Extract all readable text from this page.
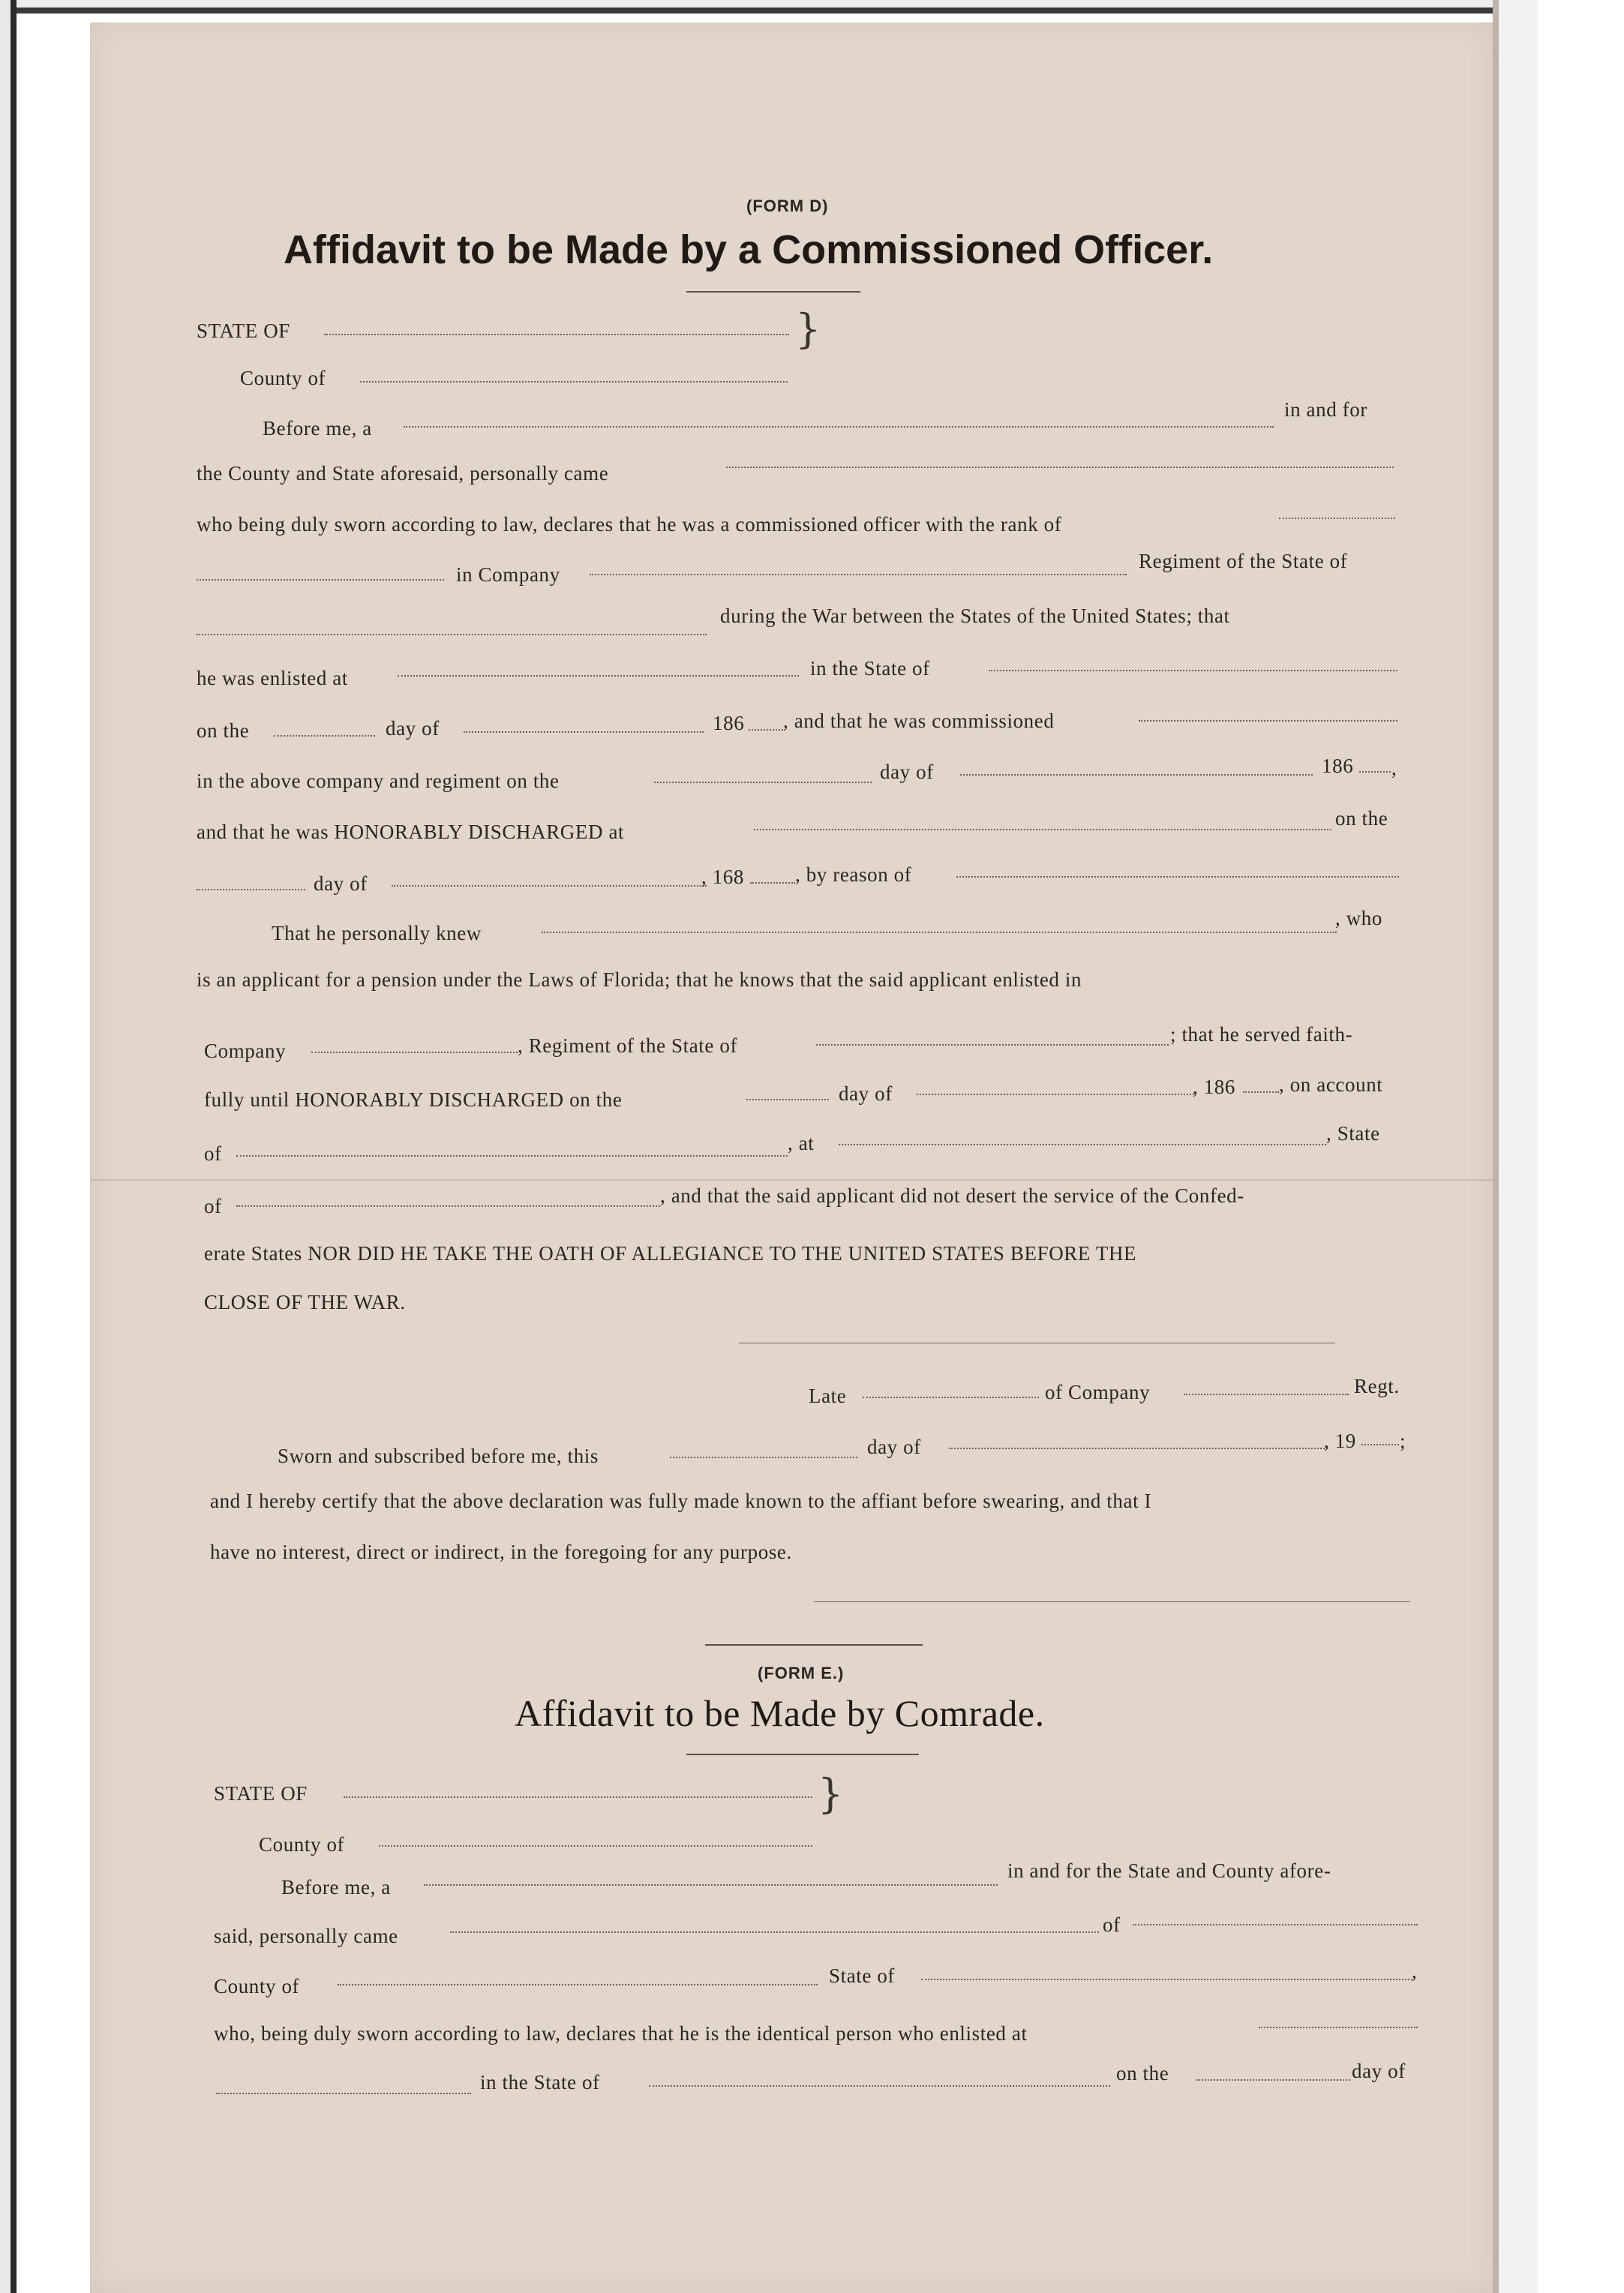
(FORM D)
Affidavit to be Made by a Commissioned Officer.
STATE OF
County of
}
Before me, a
in and for
the County and State aforesaid, personally came
who being duly sworn according to law, declares that he was a commissioned officer with the rank of
in Company
Regiment of the State of
during the War between the States of the United States; that
he was enlisted at	in the State of
on the	day of	186 , and that he was commissioned
in the above company and regiment on the	day of	186 ,
and that he was HONORABLY DISCHARGED at
on the
day of	, 168	, by reason of
That he personally knew
, who
is an applicant for a pension under the Laws of Florida; that he knows that the said applicant enlisted in
Company	, Regiment of the State of	; that he served faith-
fully until HONORABLY DISCHARGED on the	day of	, 186 , on account
of	, at	, State
of	, and that the said applicant did not desert the service of the Confed-
erate States NOR DID HE TAKE THE OATH OF ALLEGIANCE TO THE UNITED STATES BEFORE THE
CLOSE OF THE WAR.
Late	of Company	Regt.
Sworn and subscribed before me, this	day of	, 19 ;
and I hereby certify that the above declaration was fully made known to the affiant before swearing, and that I
have no interest, direct or indirect, in the foregoing for any purpose.
(FORM E.)
Affidavit to be Made by Comrade.
STATE OF
County of
}
Before me, a
in and for the State and County afore-
said, personally came	of
County of	State of	,
who, being duly sworn according to law, declares that he is the identical person who enlisted at
in the State of	on the	day of
